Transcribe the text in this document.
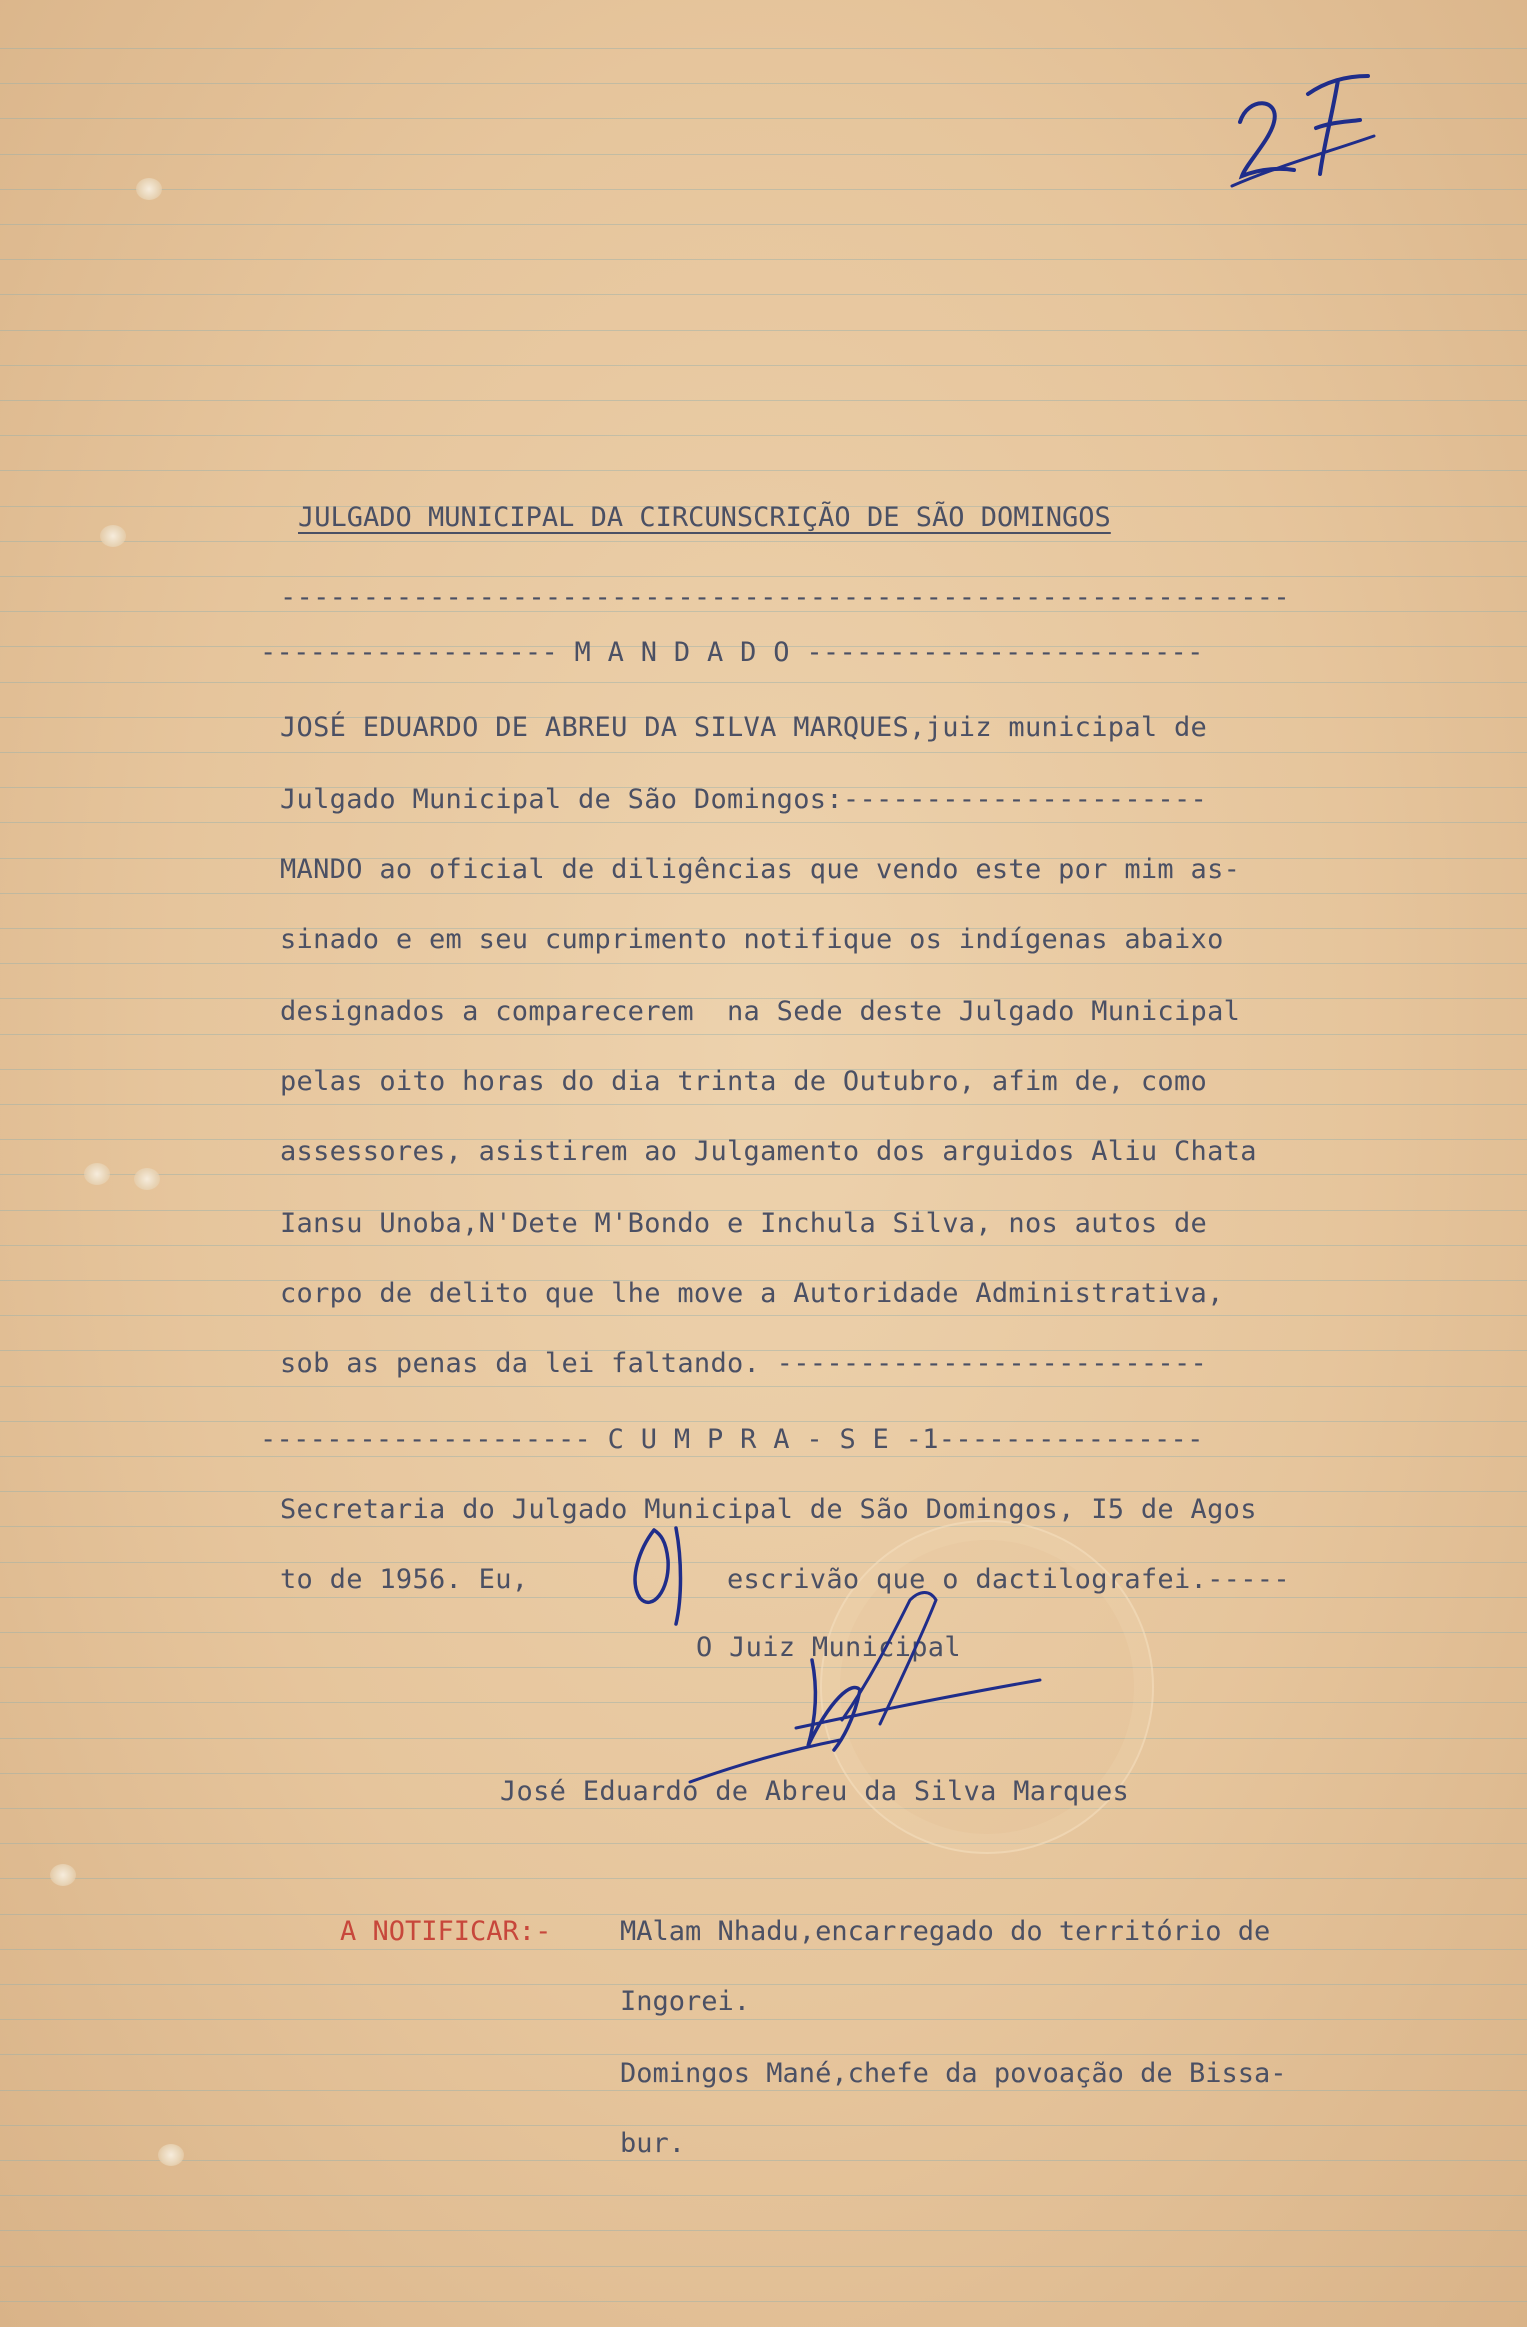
JULGADO MUNICIPAL DA CIRCUNSCRIÇÃO DE SÃO DOMINGOS
-------------------------------------------------------------
------------------ M A N D A D O ------------------------
JOSÉ EDUARDO DE ABREU DA SILVA MARQUES,juiz municipal de
Julgado Municipal de São Domingos:----------------------
MANDO ao oficial de diligências que vendo este por mim as-
sinado e em seu cumprimento notifique os indígenas abaixo
designados a comparecerem  na Sede deste Julgado Municipal
pelas oito horas do dia trinta de Outubro, afim de, como
assessores, asistirem ao Julgamento dos arguidos Aliu Chata
Iansu Unoba,N'Dete M'Bondo e Inchula Silva, nos autos de
corpo de delito que lhe move a Autoridade Administrativa,
sob as penas da lei faltando. --------------------------
-------------------- C U M P R A - S E -1----------------
Secretaria do Julgado Municipal de São Domingos, I5 de Agos
to de 1956. Eu,            escrivão que o dactilografei.-----
O Juiz Municipal
José Eduardo de Abreu da Silva Marques
A NOTIFICAR:-	MAlam Nhadu,encarregado do território de
Ingorei.
Domingos Mané,chefe da povoação de Bissa-
bur.
